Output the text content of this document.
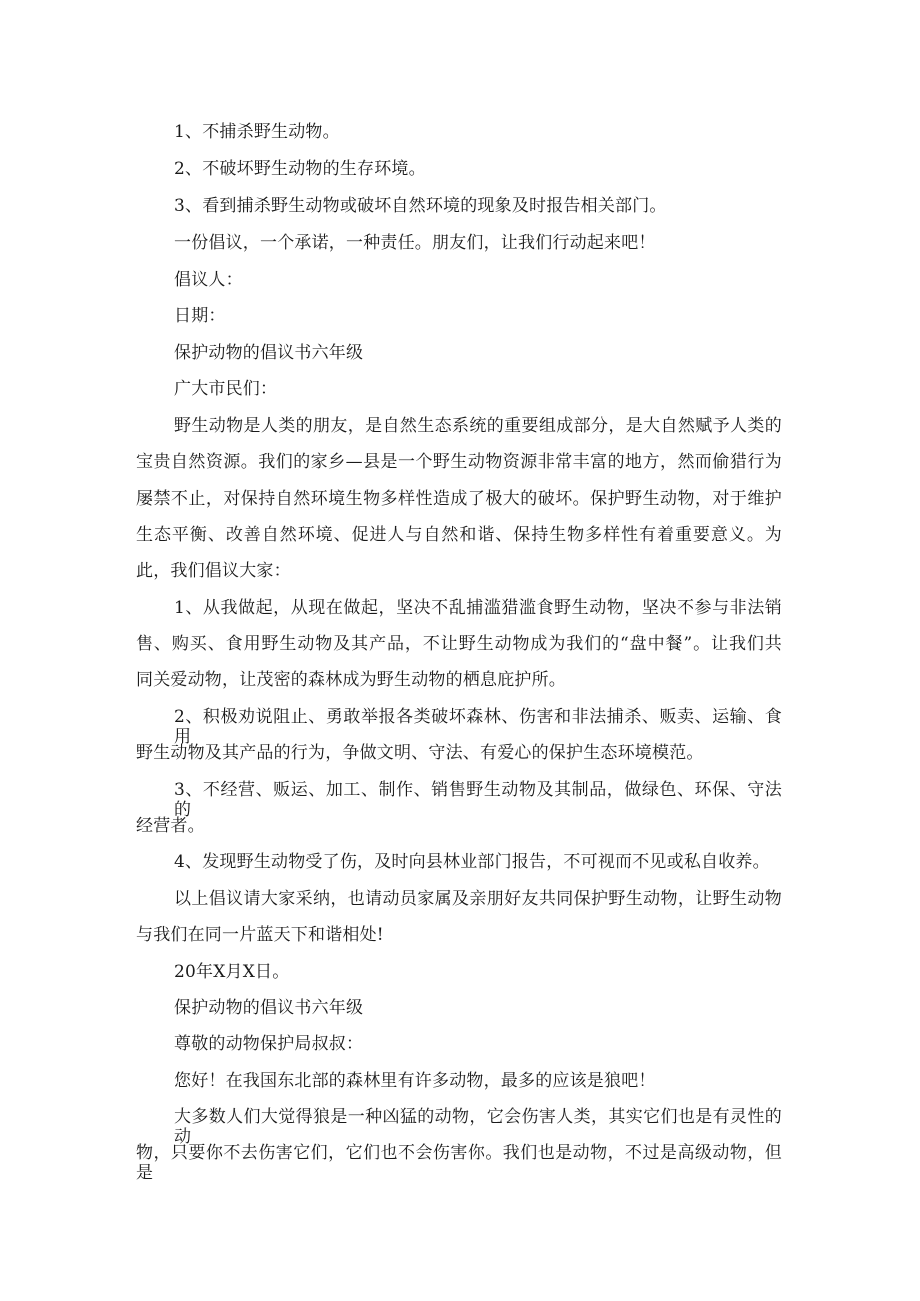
1、不捕杀野生动物。
2、不破坏野生动物的生存环境。
3、看到捕杀野生动物或破坏自然环境的现象及时报告相关部门。
一份倡议，一个承诺，一种责任。朋友们，让我们行动起来吧！
倡议人：
日期：
保护动物的倡议书六年级
广大市民们：
野生动物是人类的朋友，是自然生态系统的重要组成部分，是大自然赋予人类的
宝贵自然资源。我们的家乡—县是一个野生动物资源非常丰富的地方，然而偷猎行为
屡禁不止，对保持自然环境生物多样性造成了极大的破坏。保护野生动物，对于维护
生态平衡、改善自然环境、促进人与自然和谐、保持生物多样性有着重要意义。为
此，我们倡议大家：
1、从我做起，从现在做起，坚决不乱捕滥猎滥食野生动物，坚决不参与非法销
售、购买、食用野生动物及其产品，不让野生动物成为我们的“盘中餐”。让我们共
同关爱动物，让茂密的森林成为野生动物的栖息庇护所。
2、积极劝说阻止、勇敢举报各类破坏森林、伤害和非法捕杀、贩卖、运输、食用
野生动物及其产品的行为，争做文明、守法、有爱心的保护生态环境模范。
3、不经营、贩运、加工、制作、销售野生动物及其制品，做绿色、环保、守法的
经营者。
4、发现野生动物受了伤，及时向县林业部门报告，不可视而不见或私自收养。
以上倡议请大家采纳，也请动员家属及亲朋好友共同保护野生动物，让野生动物
与我们在同一片蓝天下和谐相处!
20年X月X日。
保护动物的倡议书六年级
尊敬的动物保护局叔叔：
您好！在我国东北部的森林里有许多动物，最多的应该是狼吧！
大多数人们大觉得狼是一种凶猛的动物，它会伤害人类，其实它们也是有灵性的动
物，只要你不去伤害它们，它们也不会伤害你。我们也是动物，不过是高级动物，但是
